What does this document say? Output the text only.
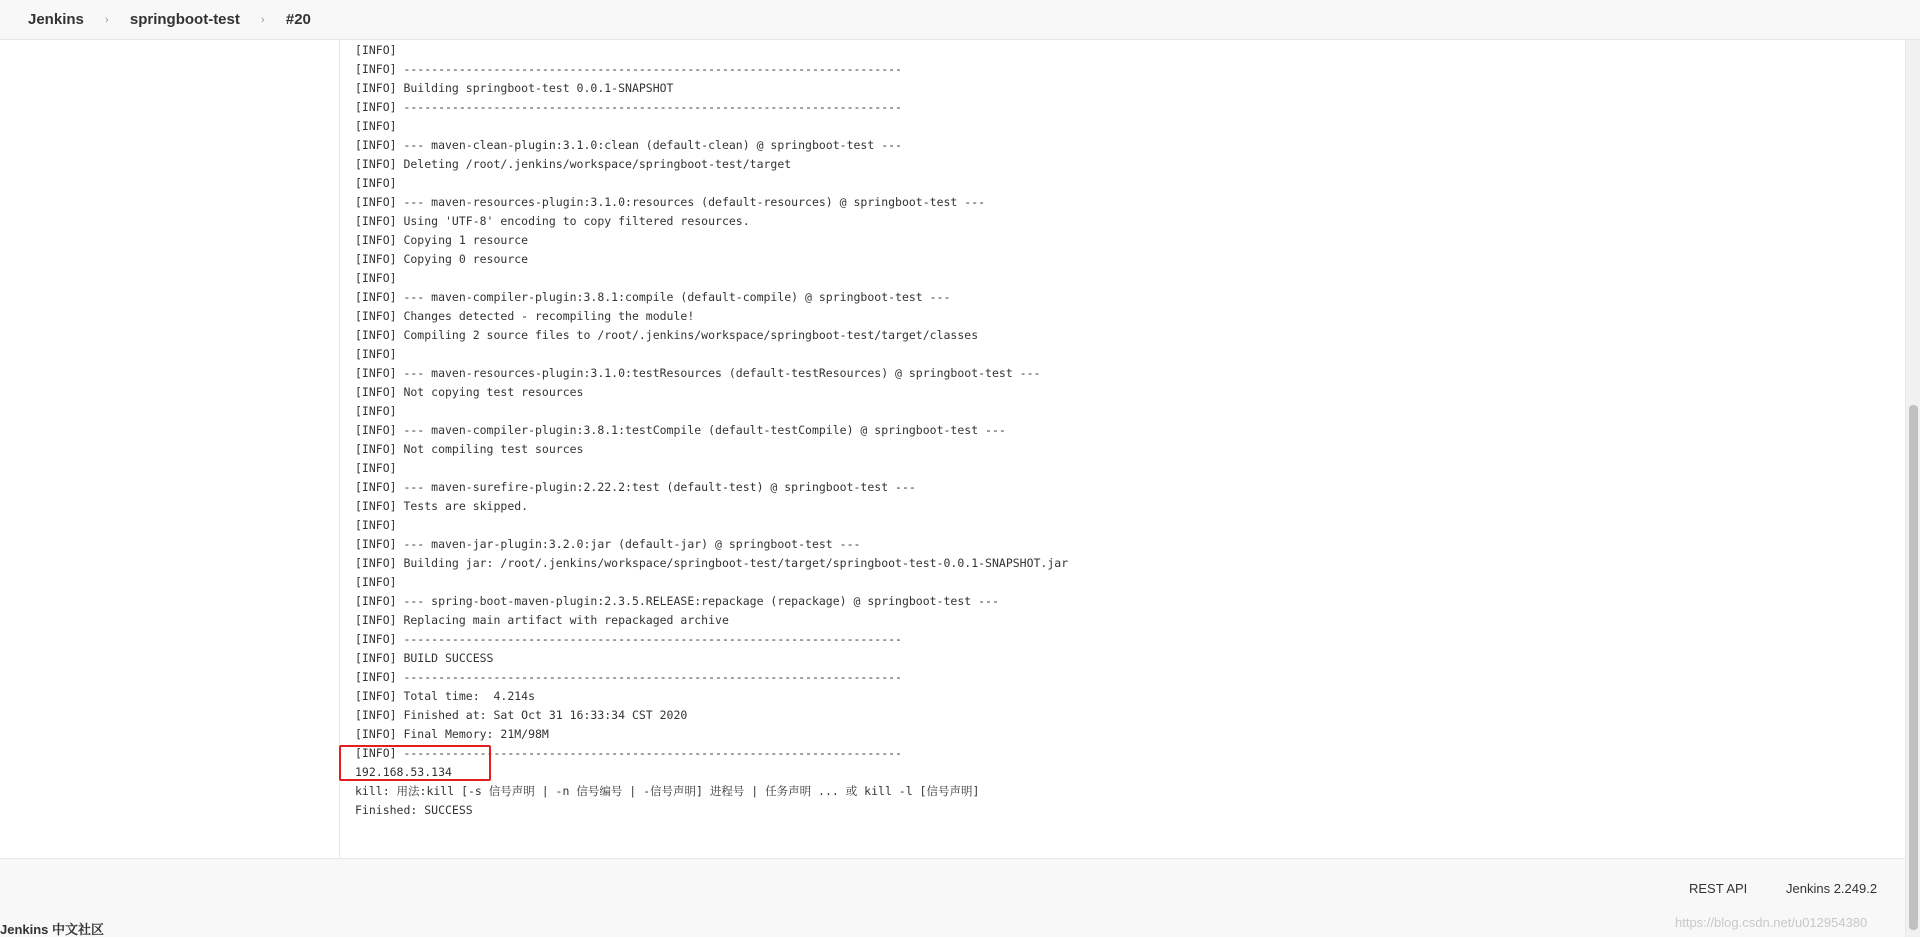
Jenkins	›	springboot-test	›	#20
[INFO]
[INFO] ------------------------------------------------------------------------
[INFO] Building springboot-test 0.0.1-SNAPSHOT
[INFO] ------------------------------------------------------------------------
[INFO]
[INFO] --- maven-clean-plugin:3.1.0:clean (default-clean) @ springboot-test ---
[INFO] Deleting /root/.jenkins/workspace/springboot-test/target
[INFO]
[INFO] --- maven-resources-plugin:3.1.0:resources (default-resources) @ springboot-test ---
[INFO] Using 'UTF-8' encoding to copy filtered resources.
[INFO] Copying 1 resource
[INFO] Copying 0 resource
[INFO]
[INFO] --- maven-compiler-plugin:3.8.1:compile (default-compile) @ springboot-test ---
[INFO] Changes detected - recompiling the module!
[INFO] Compiling 2 source files to /root/.jenkins/workspace/springboot-test/target/classes
[INFO]
[INFO] --- maven-resources-plugin:3.1.0:testResources (default-testResources) @ springboot-test ---
[INFO] Not copying test resources
[INFO]
[INFO] --- maven-compiler-plugin:3.8.1:testCompile (default-testCompile) @ springboot-test ---
[INFO] Not compiling test sources
[INFO]
[INFO] --- maven-surefire-plugin:2.22.2:test (default-test) @ springboot-test ---
[INFO] Tests are skipped.
[INFO]
[INFO] --- maven-jar-plugin:3.2.0:jar (default-jar) @ springboot-test ---
[INFO] Building jar: /root/.jenkins/workspace/springboot-test/target/springboot-test-0.0.1-SNAPSHOT.jar
[INFO]
[INFO] --- spring-boot-maven-plugin:2.3.5.RELEASE:repackage (repackage) @ springboot-test ---
[INFO] Replacing main artifact with repackaged archive
[INFO] ------------------------------------------------------------------------
[INFO] BUILD SUCCESS
[INFO] ------------------------------------------------------------------------
[INFO] Total time:  4.214s
[INFO] Finished at: Sat Oct 31 16:33:34 CST 2020
[INFO] Final Memory: 21M/98M
[INFO] ------------------------------------------------------------------------
192.168.53.134
kill: 用法:kill [-s 信号声明 | -n 信号编号 | -信号声明] 进程号 | 任务声明 ... 或 kill -l [信号声明]
Finished: SUCCESS
REST API	Jenkins 2.249.2
Jenkins 中文社区	https://blog.csdn.net/u012954380
